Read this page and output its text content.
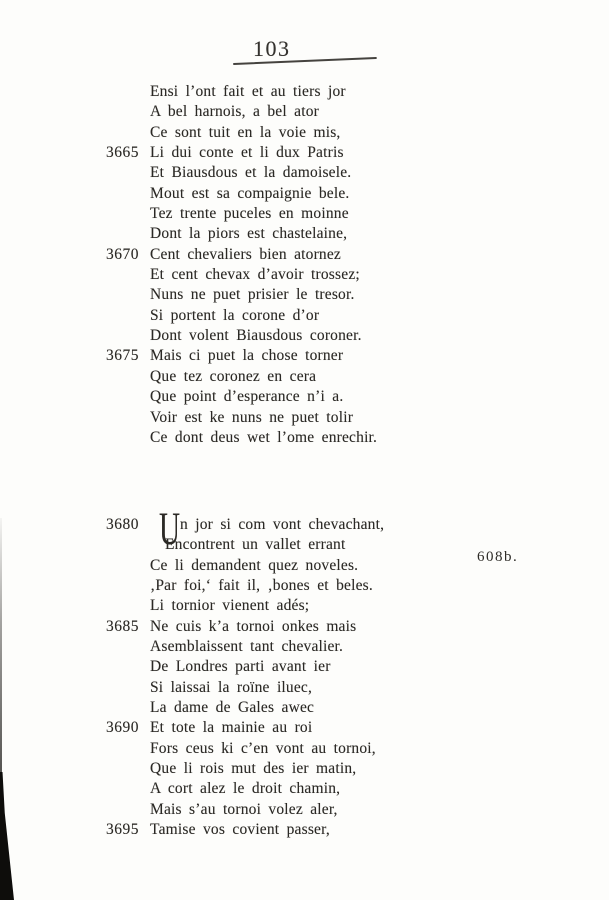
103
608b.
Ensi l’ont fait et au tiers jor
A bel harnois, a bel ator
Ce sont tuit en la voie mis,
3665 Li dui conte et li dux Patris
Et Biausdous et la damoisele.
Mout est sa compaignie bele.
Tez trente puceles en moinne
Dont la piors est chastelaine,
3670 Cent chevaliers bien atornez
Et cent chevax d’avoir trossez;
Nuns ne puet prisier le tresor.
Si portent la corone d’or
Dont volent Biausdous coroner.
3675 Mais ci puet la chose torner
Que tez coronez en cera
Que point d’esperance n’i a.
Voir est ke nuns ne puet tolir
Ce dont deus wet l’ome enrechir.
3680 U n jor si com vont chevachant,
Encontrent un vallet errant
Ce li demandent quez noveles.
‚Par foi,‘ fait il, ‚bones et beles.
Li tornior vienent adés;
3685 Ne cuis k’a tornoi onkes mais
Asemblaissent tant chevalier.
De Londres parti avant ier
Si laissai la roïne iluec,
La dame de Gales awec
3690 Et tote la mainie au roi
Fors ceus ki c’en vont au tornoi,
Que li rois mut des ier matin,
A cort alez le droit chamin,
Mais s’au tornoi volez aler,
3695 Tamise vos covient passer,
